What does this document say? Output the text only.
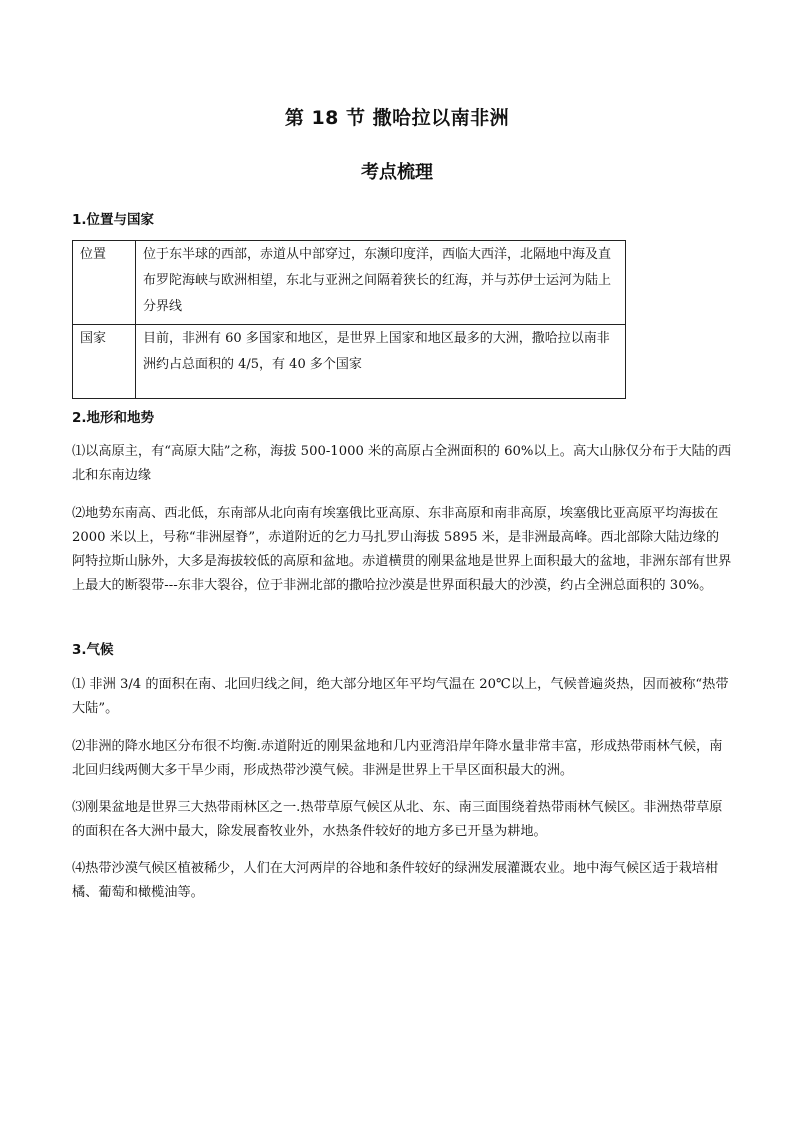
第 18 节 撒哈拉以南非洲
考点梳理
1.位置与国家
位置	位于东半球的西部，赤道从中部穿过，东濒印度洋，西临大西洋，北隔地中海及直布罗陀海峡与欧洲相望，东北与亚洲之间隔着狭长的红海，并与苏伊士运河为陆上分界线
国家	目前，非洲有 60 多国家和地区，是世界上国家和地区最多的大洲，撒哈拉以南非洲约占总面积的 4/5，有 40 多个国家
2.地形和地势

⑴以高原主，有“高原大陆”之称，海拔 500-1000 米的高原占全洲面积的 60%以上。高大山脉仅分布于大陆的西北和东南边缘

⑵地势东南高、西北低，东南部从北向南有埃塞俄比亚高原、东非高原和南非高原，埃塞俄比亚高原平均海拔在 2000 米以上，号称“非洲屋脊”，赤道附近的乞力马扎罗山海拔 5895 米，是非洲最高峰。西北部除大陆边缘的阿特拉斯山脉外，大多是海拔较低的高原和盆地。赤道横贯的刚果盆地是世界上面积最大的盆地，非洲东部有世界上最大的断裂带---东非大裂谷，位于非洲北部的撒哈拉沙漠是世界面积最大的沙漠，约占全洲总面积的 30%。

3.气候

⑴ 非洲 3/4 的面积在南、北回归线之间，绝大部分地区年平均气温在 20℃以上，气候普遍炎热，因而被称“热带大陆”。

⑵非洲的降水地区分布很不均衡.赤道附近的刚果盆地和几内亚湾沿岸年降水量非常丰富，形成热带雨林气候，南北回归线两侧大多干旱少雨，形成热带沙漠气候。非洲是世界上干旱区面积最大的洲。

⑶刚果盆地是世界三大热带雨林区之一.热带草原气候区从北、东、南三面围绕着热带雨林气候区。非洲热带草原的面积在各大洲中最大，除发展畜牧业外，水热条件较好的地方多已开垦为耕地。

⑷热带沙漠气候区植被稀少，人们在大河两岸的谷地和条件较好的绿洲发展灌溉农业。地中海气候区适于栽培柑橘、葡萄和橄榄油等。
